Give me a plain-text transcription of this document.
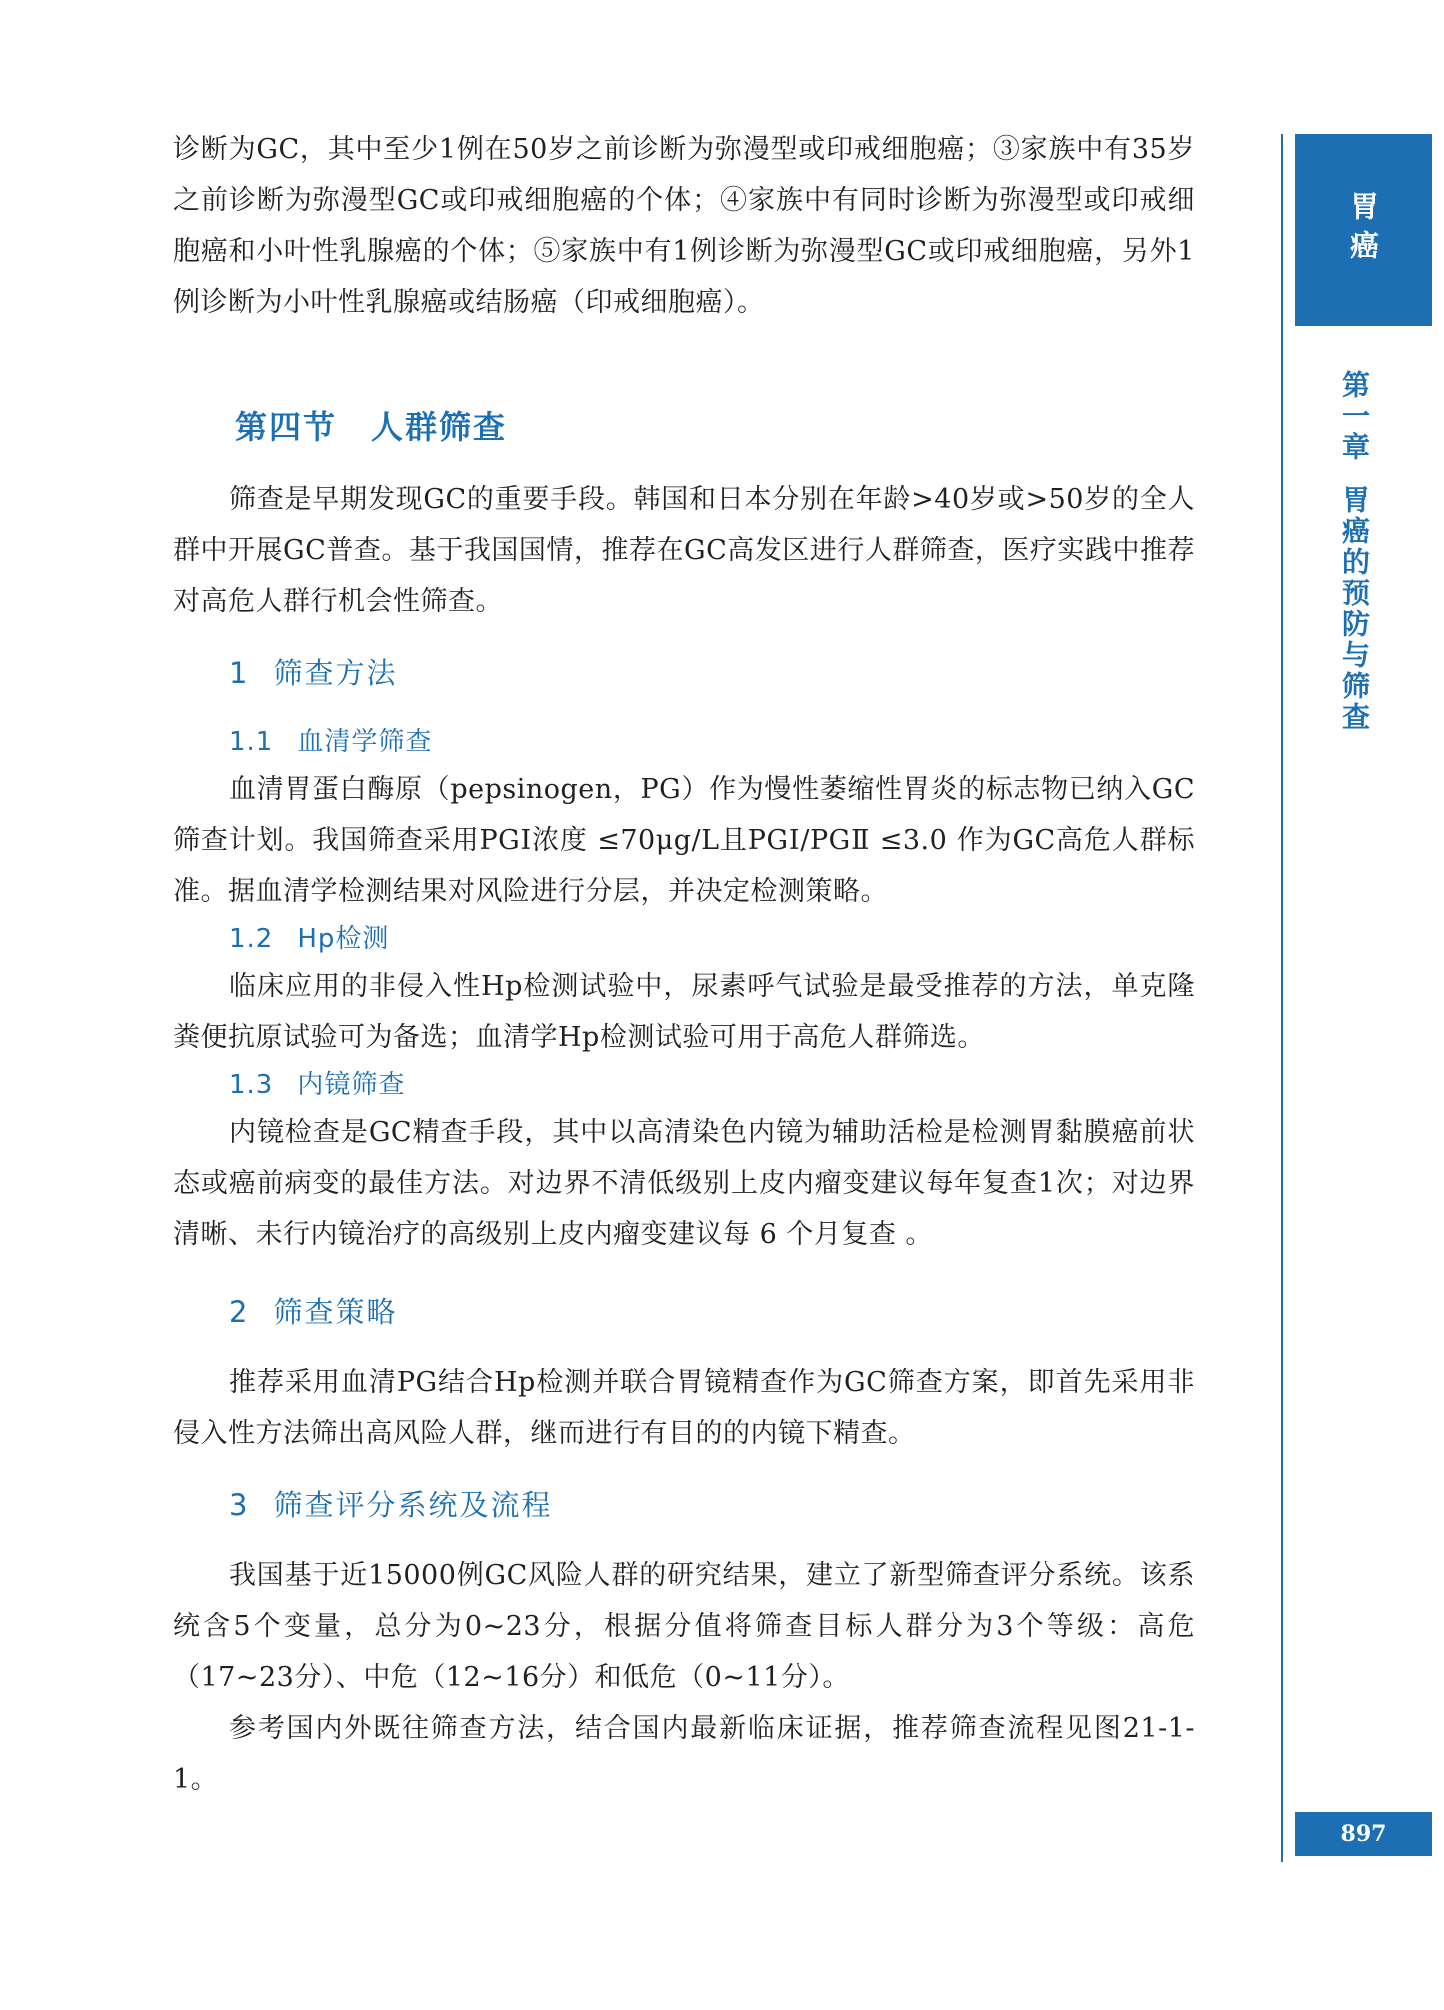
诊断为GC，其中至少1例在50岁之前诊断为弥漫型或印戒细胞癌；③家族中有35岁之前诊断为弥漫型GC或印戒细胞癌的个体；④家族中有同时诊断为弥漫型或印戒细胞癌和小叶性乳腺癌的个体；⑤家族中有1例诊断为弥漫型GC或印戒细胞癌，另外1例诊断为小叶性乳腺癌或结肠癌（印戒细胞癌）。

第四节　人群筛查

筛查是早期发现GC的重要手段。韩国和日本分别在年龄>40岁或>50岁的全人群中开展GC普查。基于我国国情，推荐在GC高发区进行人群筛查，医疗实践中推荐对高危人群行机会性筛查。

1 筛查方法
1.1 血清学筛查

血清胃蛋白酶原（pepsinogen，PG）作为慢性萎缩性胃炎的标志物已纳入GC筛查计划。我国筛查采用PGⅠ浓度 ≤70μg/L且PGⅠ/PGⅡ ≤3.0 作为GC高危人群标准。据血清学检测结果对风险进行分层，并决定检测策略。

1.2 Hp检测

临床应用的非侵入性Hp检测试验中，尿素呼气试验是最受推荐的方法，单克隆粪便抗原试验可为备选；血清学Hp检测试验可用于高危人群筛选。

1.3 内镜筛查

内镜检查是GC精查手段，其中以高清染色内镜为辅助活检是检测胃黏膜癌前状态或癌前病变的最佳方法。对边界不清低级别上皮内瘤变建议每年复查1次；对边界清晰、未行内镜治疗的高级别上皮内瘤变建议每 6 个月复查 。

2 筛查策略

推荐采用血清PG结合Hp检测并联合胃镜精查作为GC筛查方案，即首先采用非侵入性方法筛出高风险人群，继而进行有目的的内镜下精查。

3 筛查评分系统及流程

我国基于近15000例GC风险人群的研究结果，建立了新型筛查评分系统。该系统含5个变量，总分为0~23分，根据分值将筛查目标人群分为3个等级：高危（17~23分）、中危（12~16分）和低危（0~11分）。

参考国内外既往筛查方法，结合国内最新临床证据，推荐筛查流程见图21-1-1。

胃癌
第一章
胃癌的预防与筛查
897
